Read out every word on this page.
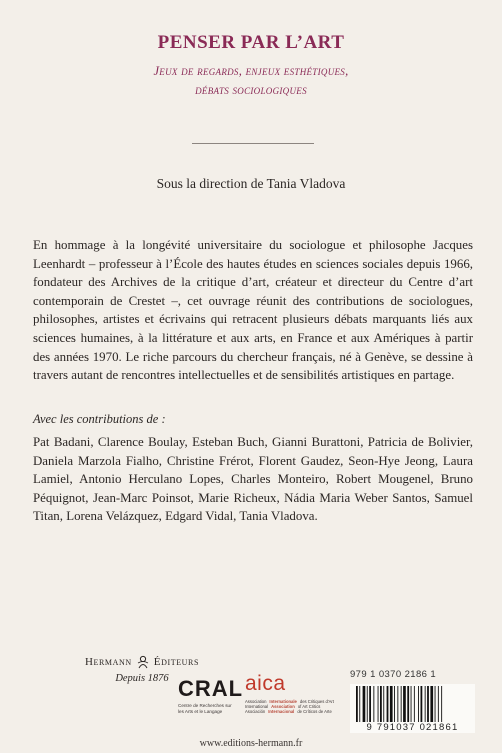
PENSER PAR L’ART
Jeux de regards, enjeux esthétiques,
débats sociologiques
Sous la direction de Tania Vladova
En hommage à la longévité universitaire du sociologue et philosophe Jacques Leenhardt – professeur à l’École des hautes études en sciences sociales depuis 1966, fondateur des Archives de la critique d’art, créateur et directeur du Centre d’art contemporain de Crestet –, cet ouvrage réunit des contributions de sociologues, philosophes, artistes et écrivains qui retracent plusieurs débats marquants liés aux sciences humaines, à la littérature et aux arts, en France et aux Amériques à partir des années 1970. Le riche parcours du chercheur français, né à Genève, se dessine à travers autant de rencontres intellectuelles et de sensibilités artistiques en partage.
Avec les contributions de :
Pat Badani, Clarence Boulay, Esteban Buch, Gianni Burattoni, Patricia de Bolivier, Daniela Marzola Fialho, Christine Frérot, Florent Gaudez, Seon-Hye Jeong, Laura Lamiel, Antonio Herculano Lopes, Charles Monteiro, Robert Mougenel, Bruno Péquignot, Jean-Marc Poinsot, Marie Richeux, Nádia Maria Weber Santos, Samuel Titan, Lorena Velázquez, Edgard Vidal, Tania Vladova.
Hermann Éditeurs
Depuis 1876 CRAL
Centre de Recherches sur les Arts et le Langage
aica
Association Internationale des Critiques d'Art
International Association of Art Critics
Asociación Internacional de Críticos de Arte
979 1 0370 2186 1
9 791037 021861
www.editions-hermann.fr
